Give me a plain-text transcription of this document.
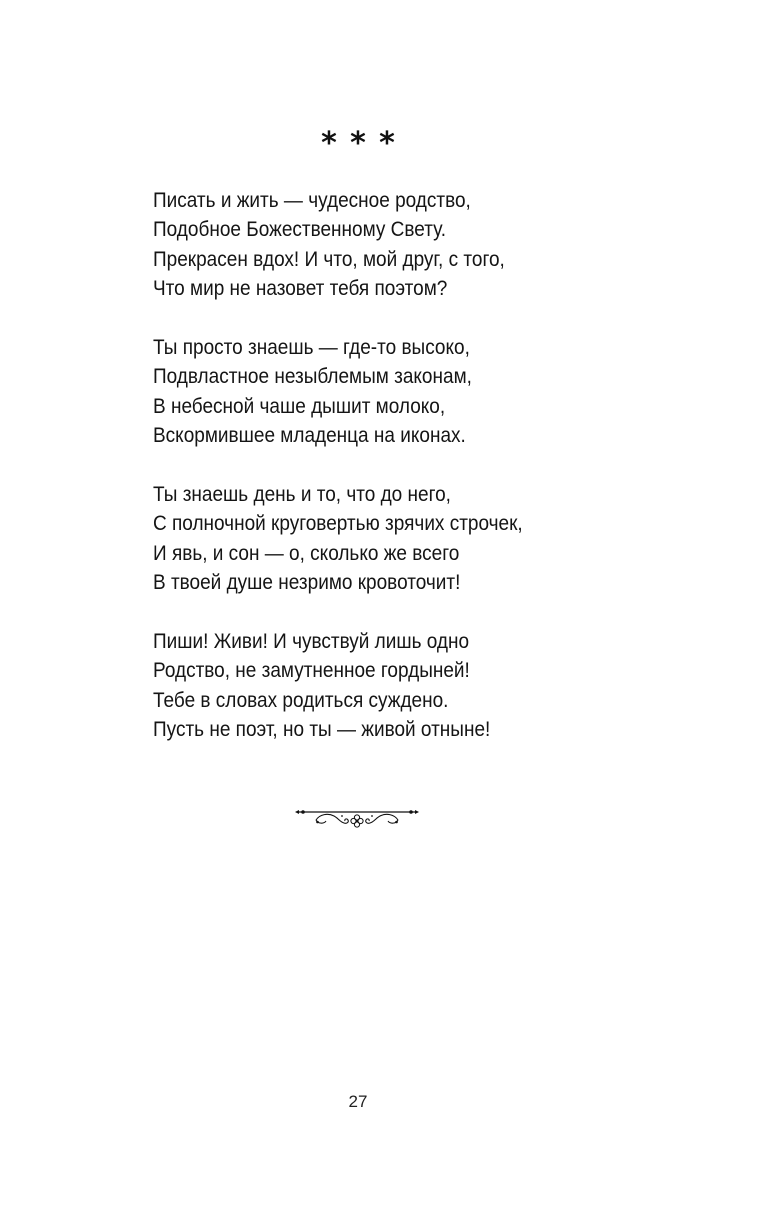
* * *
Писать и жить — чудесное родство,
Подобное Божественному Свету.
Прекрасен вдох! И что, мой друг, с того,
Что мир не назовет тебя поэтом?
Ты просто знаешь — где-то высоко,
Подвластное незыблемым законам,
В небесной чаше дышит молоко,
Вскормившее младенца на иконах.
Ты знаешь день и то, что до него,
С полночной круговертью зрячих строчек,
И явь, и сон — о, сколько же всего
В твоей душе незримо кровоточит!
Пиши! Живи! И чувствуй лишь одно
Родство, не замутненное гордыней!
Тебе в словах родиться суждено.
Пусть не поэт, но ты — живой отныне!
27
